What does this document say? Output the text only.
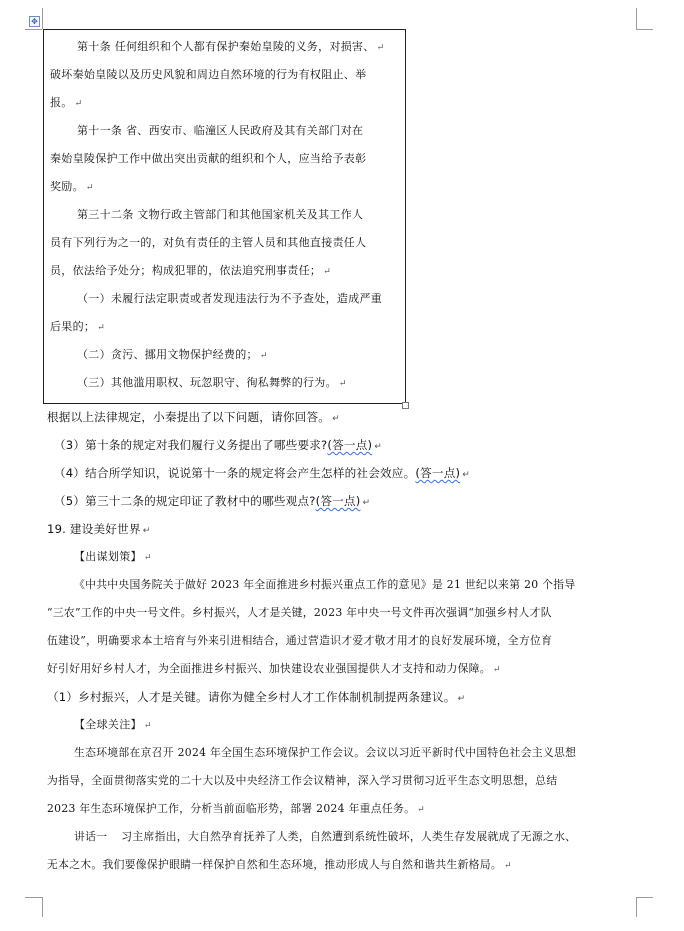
✥
第十条 任何组织和个人都有保护秦始皇陵的义务，对损害、 ↵
破坏秦始皇陵以及历史风貌和周边自然环境的行为有权阻止、举
报。 ↵
第十一条 省、西安市、临潼区人民政府及其有关部门对在
秦始皇陵保护工作中做出突出贡献的组织和个人，应当给予表彰
奖励。 ↵
第三十二条 文物行政主管部门和其他国家机关及其工作人
员有下列行为之一的，对负有责任的主管人员和其他直接责任人
员，依法给予处分；构成犯罪的，依法追究刑事责任； ↵
（一）未履行法定职责或者发现违法行为不予查处，造成严重
后果的； ↵
（二）贪污、挪用文物保护经费的； ↵
（三）其他滥用职权、玩忽职守、徇私舞弊的行为。 ↵
根据以上法律规定，小秦提出了以下问题，请你回答。 ↵
（3）第十条的规定对我们履行义务提出了哪些要求?(答一点) ↵
（4）结合所学知识，说说第十一条的规定将会产生怎样的社会效应。(答一点) ↵
（5）第三十二条的规定印证了教材中的哪些观点?(答一点) ↵
19. 建设美好世界 ↵
【出谋划策】 ↵
《中共中央国务院关于做好 2023 年全面推进乡村振兴重点工作的意见》是 21 世纪以来第 20 个指导
“三农”工作的中央一号文件。乡村振兴，人才是关键，2023 年中央一号文件再次强调“加强乡村人才队
伍建设”，明确要求本土培育与外来引进相结合，通过营造识才爱才敬才用才的良好发展环境，全方位育
好引好用好乡村人才，为全面推进乡村振兴、加快建设农业强国提供人才支持和动力保障。 ↵
（1）乡村振兴，人才是关键。请你为健全乡村人才工作体制机制提两条建议。 ↵
【全球关注】 ↵
生态环境部在京召开 2024 年全国生态环境保护工作会议。会议以习近平新时代中国特色社会主义思想
为指导，全面贯彻落实党的二十大以及中央经济工作会议精神，深入学习贯彻习近平生态文明思想，总结
2023 年生态环境保护工作，分析当前面临形势，部署 2024 年重点任务。 ↵
讲话一 习主席指出，大自然孕育抚养了人类，自然遭到系统性破坏，人类生存发展就成了无源之水、
无本之木。我们要像保护眼睛一样保护自然和生态环境，推动形成人与自然和谐共生新格局。 ↵
